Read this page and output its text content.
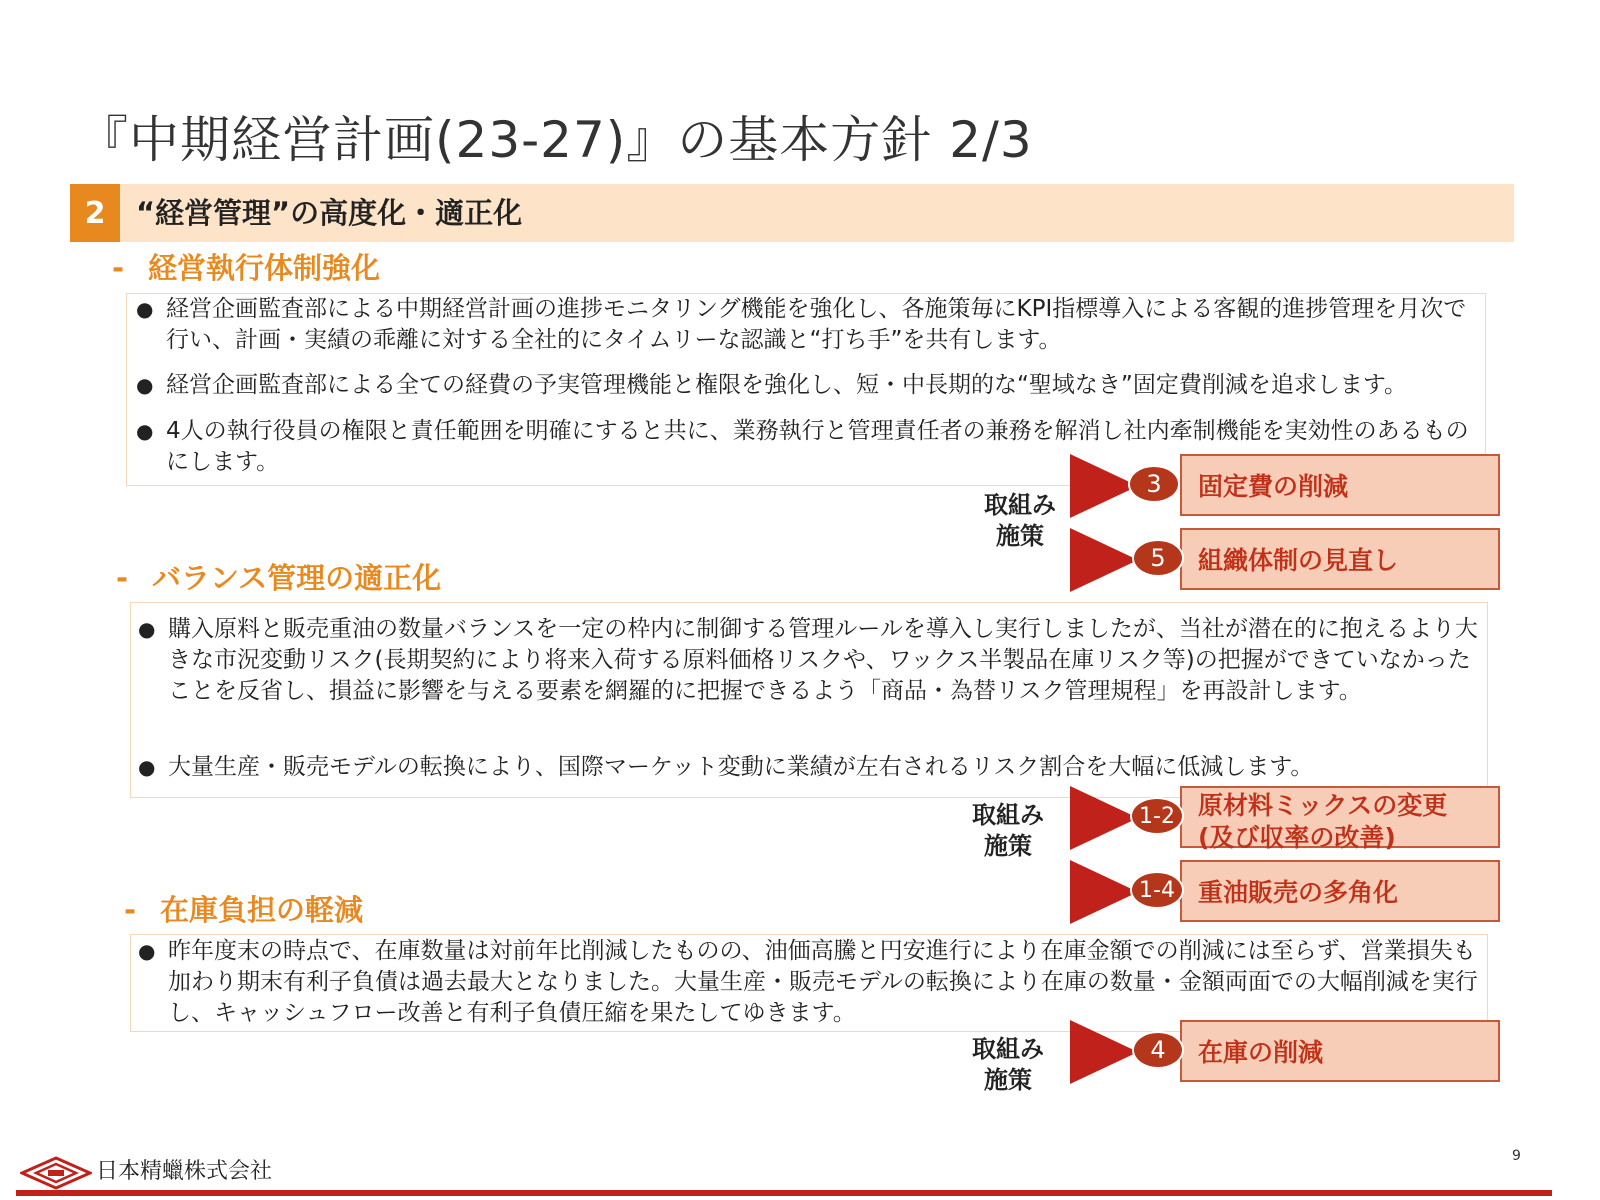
『中期経営計画(23-27)』の基本方針 2/3
2	“経営管理”の高度化・適正化
- 経営執行体制強化
● 経営企画監査部による中期経営計画の進捗モニタリング機能を強化し、各施策毎にKPI指標導入による客観的進捗管理を月次で行い、計画・実績の乖離に対する全社的にタイムリーな認識と“打ち手”を共有します。
● 経営企画監査部による全ての経費の予実管理機能と権限を強化し、短・中長期的な“聖域なき”固定費削減を追求します。
● 4人の執行役員の権限と責任範囲を明確にすると共に、業務執行と管理責任者の兼務を解消し社内牽制機能を実効性のあるものにします。
取組み
施策
固定費の削減
3
組織体制の見直し
5
- バランス管理の適正化
● 購入原料と販売重油の数量バランスを一定の枠内に制御する管理ルールを導入し実行しましたが、当社が潜在的に抱えるより大きな市況変動リスク(長期契約により将来入荷する原料価格リスクや、ワックス半製品在庫リスク等)の把握ができていなかったことを反省し、損益に影響を与える要素を網羅的に把握できるよう「商品・為替リスク管理規程」を再設計します。
● 大量生産・販売モデルの転換により、国際マーケット変動に業績が左右されるリスク割合を大幅に低減します。
取組み
施策
原材料ミックスの変更
(及び収率の改善)
1-2
重油販売の多角化
1-4
- 在庫負担の軽減
● 昨年度末の時点で、在庫数量は対前年比削減したものの、油価高騰と円安進行により在庫金額での削減には至らず、営業損失も加わり期末有利子負債は過去最大となりました。大量生産・販売モデルの転換により在庫の数量・金額両面での大幅削減を実行し、キャッシュフロー改善と有利子負債圧縮を果たしてゆきます。
取組み
施策
在庫の削減
4
日本精蠟株式会社
9
